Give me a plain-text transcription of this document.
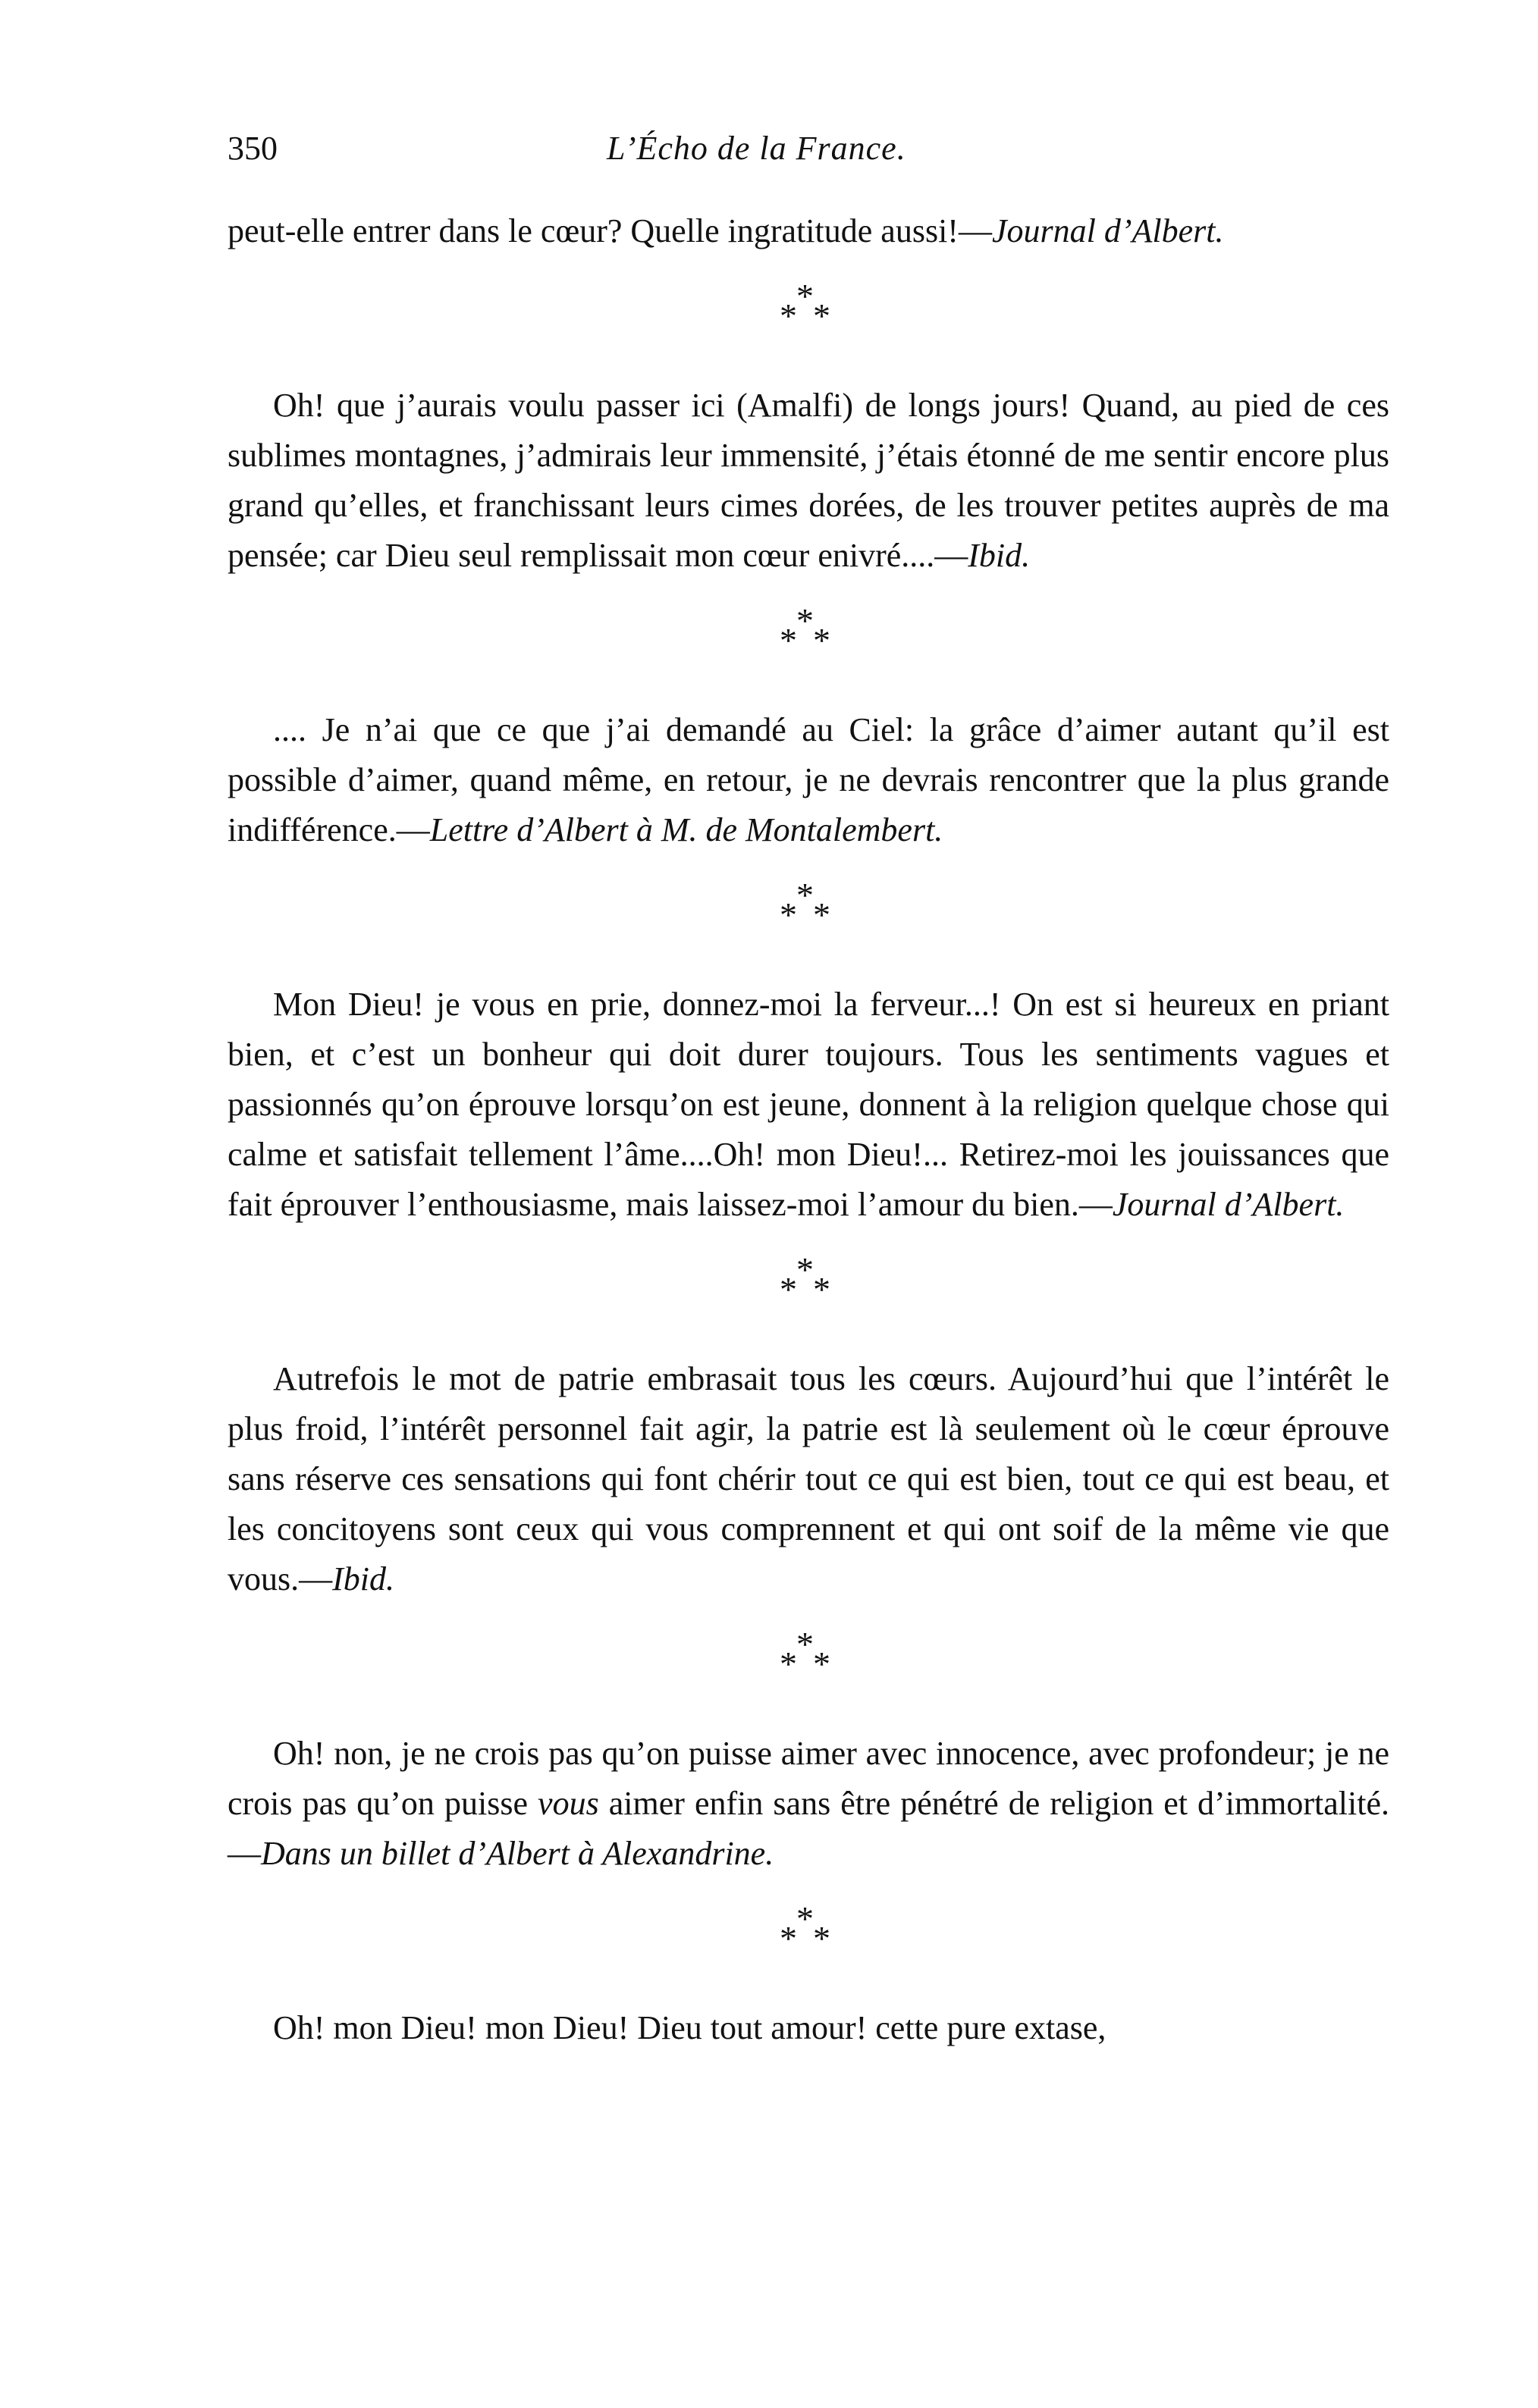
350	L’Écho de la France.

peut-elle entrer dans le cœur? Quelle ingratitude aussi!—Journal d’Albert.

*
* *

Oh! que j’aurais voulu passer ici (Amalfi) de longs jours! Quand, au pied de ces sublimes montagnes, j’admirais leur immensité, j’étais étonné de me sentir encore plus grand qu’elles, et franchissant leurs cimes dorées, de les trouver petites auprès de ma pensée; car Dieu seul remplissait mon cœur enivré....—Ibid.

*
* *

.... Je n’ai que ce que j’ai demandé au Ciel: la grâce d’aimer autant qu’il est possible d’aimer, quand même, en retour, je ne devrais rencontrer que la plus grande indifférence.—Lettre d’Albert à M. de Montalembert.

*
* *

Mon Dieu! je vous en prie, donnez-moi la ferveur...! On est si heureux en priant bien, et c’est un bonheur qui doit durer toujours. Tous les sentiments vagues et passionnés qu’on éprouve lorsqu’on est jeune, donnent à la religion quelque chose qui calme et satisfait tellement l’âme....Oh! mon Dieu!... Retirez-moi les jouissances que fait éprouver l’enthousiasme, mais laissez-moi l’amour du bien.—Journal d’Albert.

*
* *

Autrefois le mot de patrie embrasait tous les cœurs. Aujourd’hui que l’intérêt le plus froid, l’intérêt personnel fait agir, la patrie est là seulement où le cœur éprouve sans réserve ces sensations qui font chérir tout ce qui est bien, tout ce qui est beau, et les concitoyens sont ceux qui vous comprennent et qui ont soif de la même vie que vous.—Ibid.

*
* *

Oh! non, je ne crois pas qu’on puisse aimer avec innocence, avec profondeur; je ne crois pas qu’on puisse vous aimer enfin sans être pénétré de religion et d’immortalité.—Dans un billet d’Albert à Alexandrine.

*
* *

Oh! mon Dieu! mon Dieu! Dieu tout amour! cette pure extase,
